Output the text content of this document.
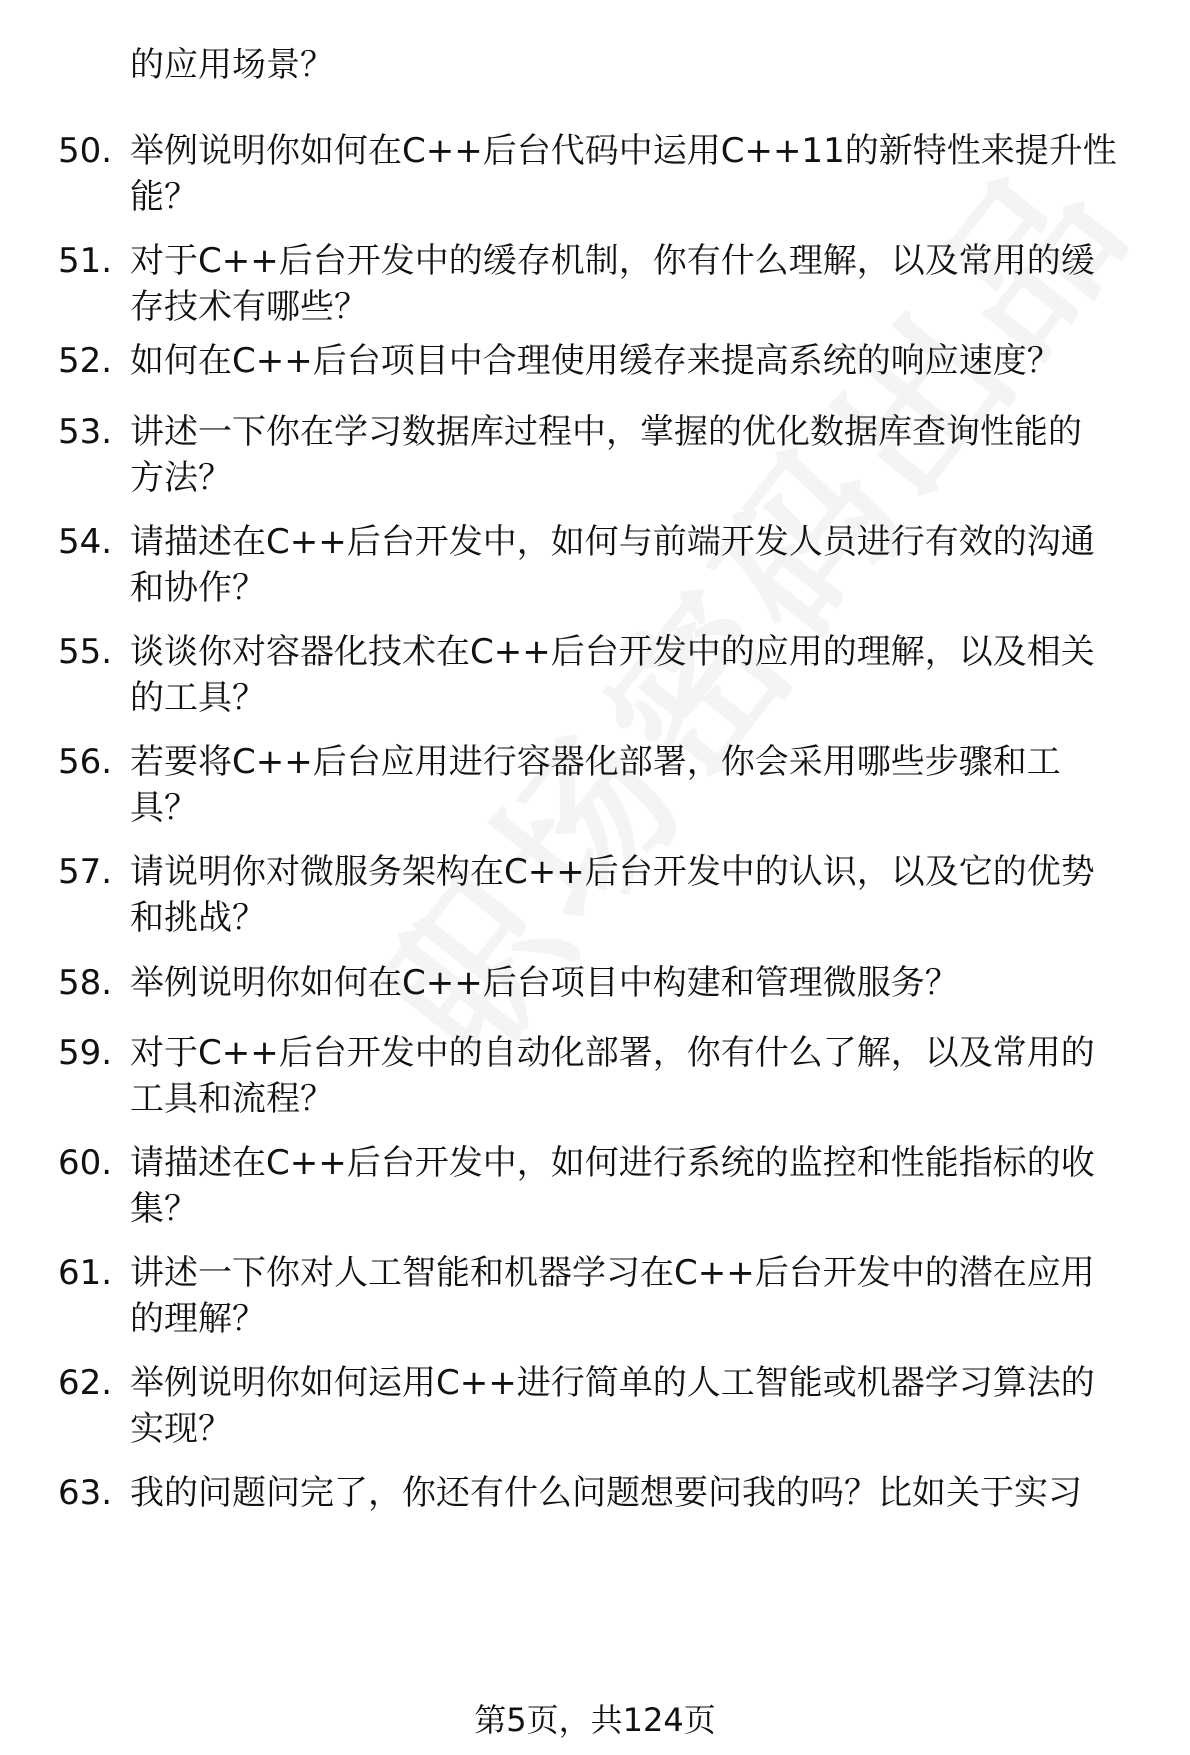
的应用场景？
50. 举例说明你如何在C++后台代码中运用C++11的新特性来提升性
能？
51. 对于C++后台开发中的缓存机制，你有什么理解，以及常用的缓
存技术有哪些？
52. 如何在C++后台项目中合理使用缓存来提高系统的响应速度？
53. 讲述一下你在学习数据库过程中，掌握的优化数据库查询性能的
方法？
54. 请描述在C++后台开发中，如何与前端开发人员进行有效的沟通
和协作？
55. 谈谈你对容器化技术在C++后台开发中的应用的理解，以及相关
的工具？
56. 若要将C++后台应用进行容器化部署，你会采用哪些步骤和工
具？
57. 请说明你对微服务架构在C++后台开发中的认识，以及它的优势
和挑战？
58. 举例说明你如何在C++后台项目中构建和管理微服务？
59. 对于C++后台开发中的自动化部署，你有什么了解，以及常用的
工具和流程？
60. 请描述在C++后台开发中，如何进行系统的监控和性能指标的收
集？
61. 讲述一下你对人工智能和机器学习在C++后台开发中的潜在应用
的理解？
62. 举例说明你如何运用C++进行简单的人工智能或机器学习算法的
实现？
63. 我的问题问完了，你还有什么问题想要问我的吗？比如关于实习
第5页，共124页
